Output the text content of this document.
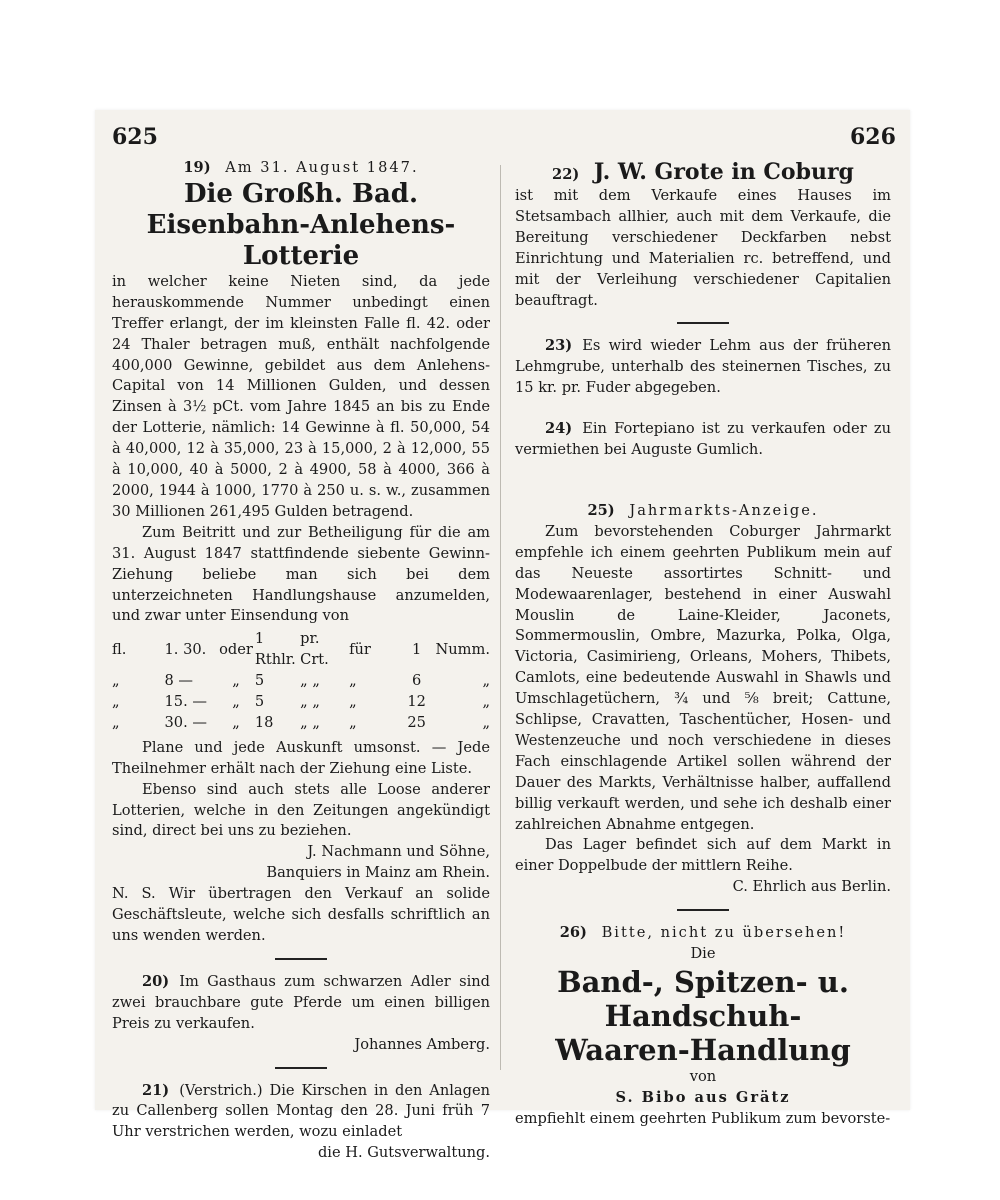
625	626

19) Am 31. August 1847.

Die Großh. Bad. Eisenbahn-Anlehens-Lotterie

in welcher keine Nieten sind, da jede herauskommende Nummer unbedingt einen Treffer erlangt, der im kleinsten Falle fl. 42. oder 24 Thaler betragen muß, enthält nachfolgende 400,000 Gewinne, gebildet aus dem Anlehens-Capital von 14 Millionen Gulden, und dessen Zinsen à 3½ pCt. vom Jahre 1845 an bis zu Ende der Lotterie, nämlich: 14 Gewinne à fl. 50,000, 54 à 40,000, 12 à 35,000, 23 à 15,000, 2 à 12,000, 55 à 10,000, 40 à 5000, 2 à 4900, 58 à 4000, 366 à 2000, 1944 à 1000, 1770 à 250 u. s. w., zusammen 30 Millionen 261,495 Gulden betragend.

Zum Beitritt und zur Betheiligung für die am 31. August 1847 stattfindende siebente Gewinn-Ziehung beliebe man sich bei dem unterzeichneten Handlungshause anzumelden, und zwar unter Einsendung von

fl.	1. 30.	oder	1 Rthlr.	pr. Crt.	für	1	Numm.
„	8 —	„	5	„ „	„	6	„
„	15. —	„	5	„ „	„	12	„
„	30. —	„	18	„ „	„	25	„

Plane und jede Auskunft umsonst. — Jede Theilnehmer erhält nach der Ziehung eine Liste.

Ebenso sind auch stets alle Loose anderer Lotterien, welche in den Zeitungen angekündigt sind, direct bei uns zu beziehen.

J. Nachmann und Söhne,

Banquiers in Mainz am Rhein.

N. S. Wir übertragen den Verkauf an solide Geschäftsleute, welche sich desfalls schriftlich an uns wenden werden.

20) Im Gasthaus zum schwarzen Adler sind zwei brauchbare gute Pferde um einen billigen Preis zu verkaufen.

Johannes Amberg.

21) (Verstrich.) Die Kirschen in den Anlagen zu Callenberg sollen Montag den 28. Juni früh 7 Uhr verstrichen werden, wozu einladet

die H. Gutsverwaltung.

22) J. W. Grote in Coburg

ist mit dem Verkaufe eines Hauses im Stetsambach allhier, auch mit dem Verkaufe, die Bereitung verschiedener Deckfarben nebst Einrichtung und Materialien rc. betreffend, und mit der Verleihung verschiedener Capitalien beauftragt.

23) Es wird wieder Lehm aus der früheren Lehmgrube, unterhalb des steinernen Tisches, zu 15 kr. pr. Fuder abgegeben.

24) Ein Fortepiano ist zu verkaufen oder zu vermiethen bei Auguste Gumlich.

25) Jahrmarkts-Anzeige.

Zum bevorstehenden Coburger Jahrmarkt empfehle ich einem geehrten Publikum mein auf das Neueste assortirtes Schnitt- und Modewaarenlager, bestehend in einer Auswahl Mouslin de Laine-Kleider, Jaconets, Sommermouslin, Ombre, Mazurka, Polka, Olga, Victoria, Casimirieng, Orleans, Mohers, Thibets, Camlots, eine bedeutende Auswahl in Shawls und Umschlagetüchern, ¾ und ⅝ breit; Cattune, Schlipse, Cravatten, Taschentücher, Hosen- und Westenzeuche und noch verschiedene in dieses Fach einschlagende Artikel sollen während der Dauer des Markts, Verhältnisse halber, auffallend billig verkauft werden, und sehe ich deshalb einer zahlreichen Abnahme entgegen.

Das Lager befindet sich auf dem Markt in einer Doppelbude der mittlern Reihe.

C. Ehrlich aus Berlin.

26) Bitte, nicht zu übersehen!

Die

Band-, Spitzen- u. Handschuh-

Waaren-Handlung

von

S. Bibo aus Grätz

empfiehlt einem geehrten Publikum zum bevorste-
